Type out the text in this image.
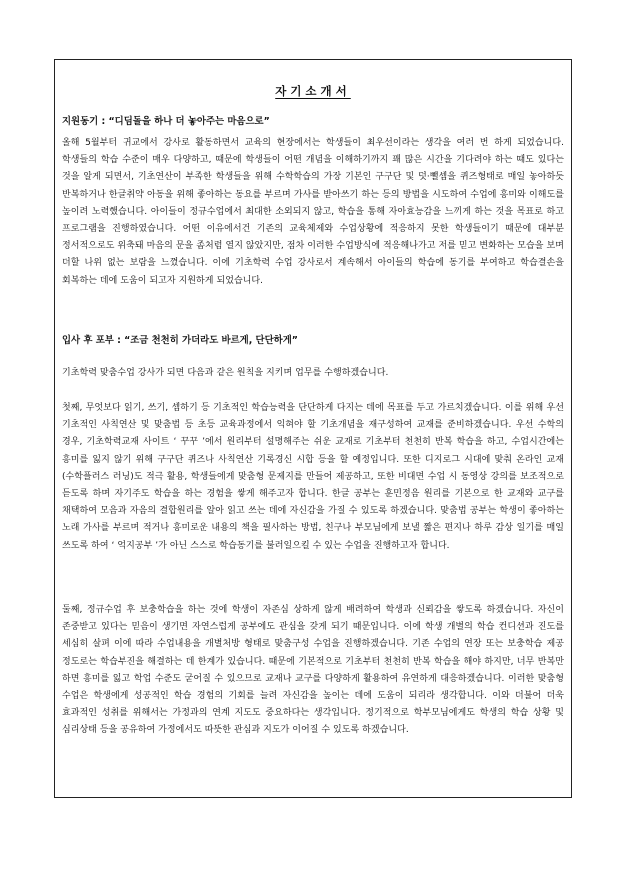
자기소개서
지원동기 : “디딤돌을 하나 더 놓아주는 마음으로”
올해 5월부터 귀교에서 강사로 활동하면서 교육의 현장에서는 학생들이 최우선이라는 생각을 여러 번 하게 되었습니다. 학생들의 학습 수준이 매우 다양하고, 때문에 학생들이 어떤 개념을 이해하기까지 꽤 많은 시간을 기다려야 하는 때도 있다는 것을 알게 되면서, 기초연산이 부족한 학생들을 위해 수학학습의 가장 기본인 구구단 및 덧·뺄셈을 퀴즈형태로 매일 놓아하듯 반복하거나 한글취약 아동을 위해 좋아하는 동요를 부르며 가사를 받아쓰기 하는 등의 방법을 시도하여 수업에 흥미와 이해도를 높이려 노력했습니다. 아이들이 정규수업에서 최대한 소외되지 않고, 학습을 통해 자아효능감을 느끼게 하는 것을 목표로 하고 프로그램을 진행하였습니다. 어떤 이유에서건 기존의 교육체제와 수업상황에 적응하지 못한 학생들이기 때문에 대부분 정서적으로도 위축돼 마음의 문을 좀처럼 열지 않았지만, 점차 이러한 수업방식에 적응해나가고 저를 믿고 변화하는 모습을 보며 더할 나위 없는 보람을 느꼈습니다. 이에 기초학력 수업 강사로서 계속해서 아이들의 학습에 동기를 부여하고 학습결손을 회복하는 데에 도움이 되고자 지원하게 되었습니다.
입사 후 포부 : “조금 천천히 가더라도 바르게, 단단하게”
기초학력 맞춤수업 강사가 되면 다음과 같은 원칙을 지키며 업무를 수행하겠습니다.
첫째, 무엇보다 읽기, 쓰기, 셈하기 등 기초적인 학습능력을 단단하게 다지는 데에 목표를 두고 가르치겠습니다. 이를 위해 우선 기초적인 사칙연산 및 맞춤법 등 초등 교육과정에서 익혀야 할 기초개념을 재구성하여 교재를 준비하겠습니다. 우선 수학의 경우, 기초학력교재 사이트 ‘ 꾸꾸 ’에서 원리부터 설명해주는 쉬운 교재로 기초부터 천천히 반복 학습을 하고, 수업시간에는 흥미를 잃지 않기 위해 구구단 퀴즈나 사칙연산 기록경신 시합 등을 할 예정입니다. 또한 디지로그 시대에 맞춰 온라인 교재(수학플러스 러닝)도 적극 활용, 학생들에게 맞춤형 문제지를 만들어 제공하고, 또한 비대면 수업 시 동영상 강의를 보조적으로 듣도록 하며 자기주도 학습을 하는 경험을 쌓게 해주고자 합니다. 한글 공부는 훈민정음 원리를 기본으로 한 교재와 교구를 채택하여 모음과 자음의 결합원리를 알아 읽고 쓰는 데에 자신감을 가질 수 있도록 하겠습니다. 맞춤법 공부는 학생이 좋아하는 노래 가사를 부르며 적거나 흥미로운 내용의 책을 필사하는 방법, 친구나 부모님에게 보낼 짧은 편지나 하루 감상 일기를 매일 쓰도록 하여 ‘ 억지공부 ’가 아닌 스스로 학습동기를 불러일으킬 수 있는 수업을 진행하고자 합니다.
둘째, 정규수업 후 보충학습을 하는 것에 학생이 자존심 상하게 않게 배려하여 학생과 신뢰감을 쌓도록 하겠습니다. 자신이 존중받고 있다는 믿음이 생기면 자연스럽게 공부에도 관심을 갖게 되기 때문입니다. 이에 학생 개별의 학습 컨디션과 진도를 세심히 살펴 이에 따라 수업내용을 개별처방 형태로 맞춤구성 수업을 진행하겠습니다. 기존 수업의 연장 또는 보충학습 제공 정도로는 학습부진을 해결하는 데 한계가 있습니다. 때문에 기본적으로 기초부터 천천히 반복 학습을 해야 하지만, 너무 반복만 하면 흥미를 잃고 학업 수준도 굳어질 수 있으므로 교재나 교구를 다양하게 활용하여 유연하게 대응하겠습니다. 이러한 맞춤형 수업은 학생에게 성공적인 학습 경험의 기회를 늘려 자신감을 높이는 데에 도움이 되리라 생각합니다. 이와 더불어 더욱 효과적인 성취를 위해서는 가정과의 연계 지도도 중요하다는 생각입니다. 정기적으로 학부모님에게도 학생의 학습 상황 및 심리상태 등을 공유하여 가정에서도 따뜻한 관심과 지도가 이어질 수 있도록 하겠습니다.
